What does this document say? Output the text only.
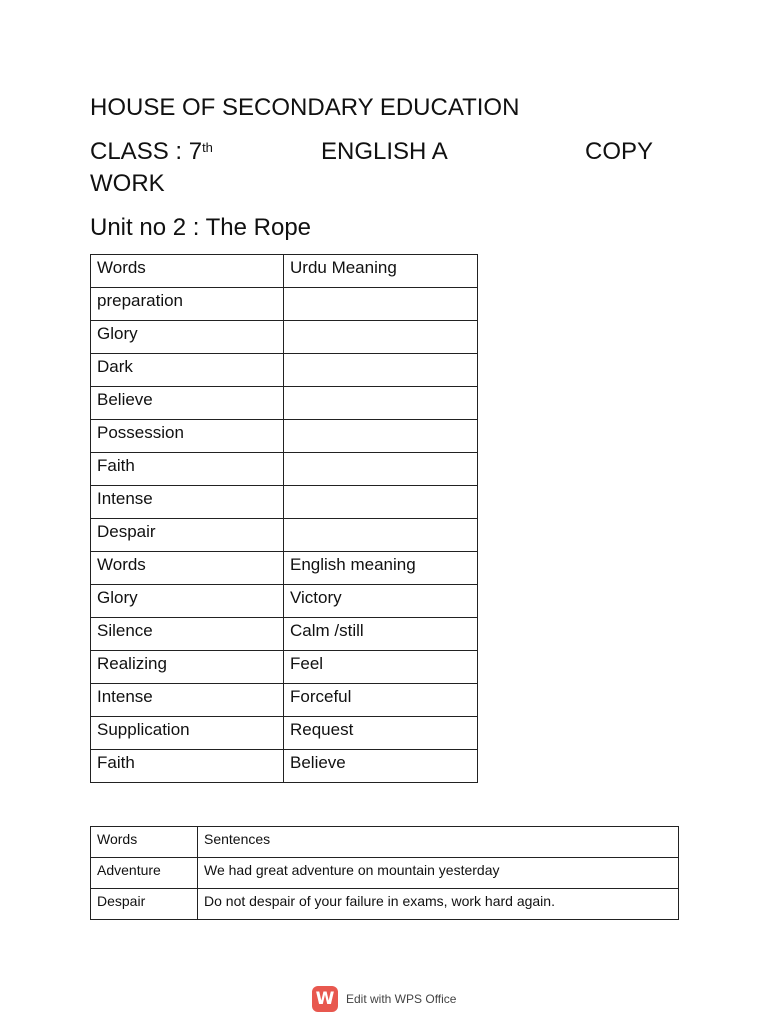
HOUSE OF SECONDARY EDUCATION
CLASS : 7th	ENGLISH A	COPY
WORK
Unit no 2 : The Rope
Words	Urdu Meaning
preparation	
Glory	
Dark	
Believe	
Possession	
Faith	
Intense	
Despair	
Words	English meaning
Glory	Victory
Silence	Calm /still
Realizing	Feel
Intense	Forceful
Supplication	Request
Faith	Believe
Words	Sentences
Adventure	We had great adventure on mountain yesterday
Despair	Do not despair of your failure in exams, work hard again.
W Edit with WPS Office
